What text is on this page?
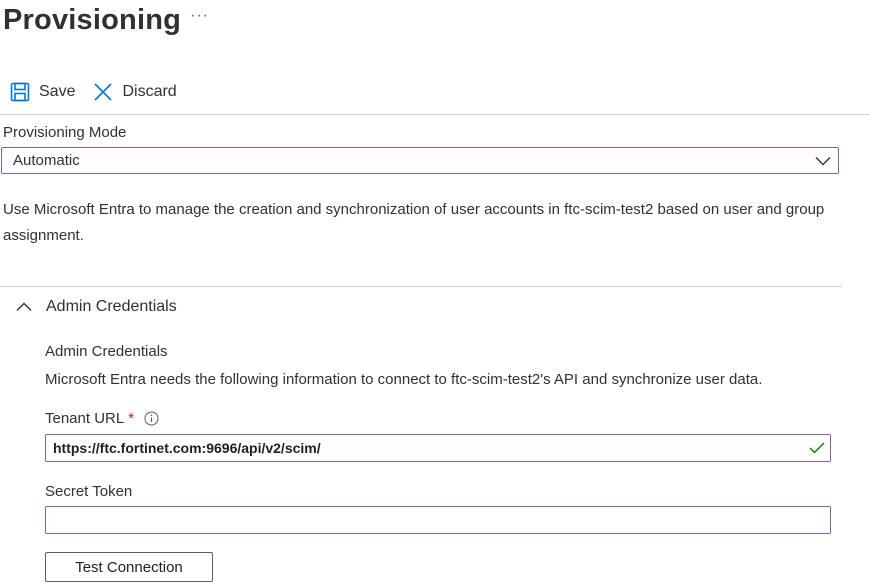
Provisioning ···
Save	Discard
Provisioning Mode
Automatic
Use Microsoft Entra to manage the creation and synchronization of user accounts in ftc-scim-test2 based on user and group assignment.
Admin Credentials
Admin Credentials
Microsoft Entra needs the following information to connect to ftc-scim-test2's API and synchronize user data.
Tenant URL *
https://ftc.fortinet.com:9696/api/v2/scim/
Secret Token
Test Connection
